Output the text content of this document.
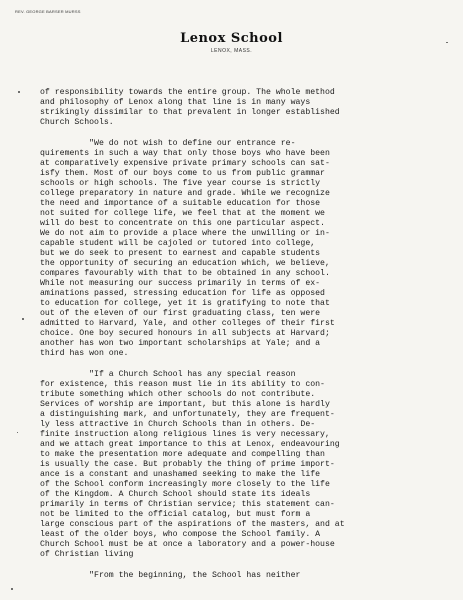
REV. GEORGE BARSER MURSS
Lenox School
LENOX, MASS.
of responsibility towards the entire group. The whole method
and philosophy of Lenox along that line is in many ways
strikingly dissimilar to that prevalent in longer established
Church Schools.
"We do not wish to define our entrance re-
quirements in such a way that only those boys who have been
at comparatively expensive private primary schools can sat-
isfy them. Most of our boys come to us from public grammar
schools or high schools. The five year course is strictly
college preparatory in nature and grade. While we recognize
the need and importance of a suitable education for those
not suited for college life, we feel that at the moment we
will do best to concentrate on this one particular aspect.
We do not aim to provide a place where the unwilling or in-
capable student will be cajoled or tutored into college,
but we do seek to present to earnest and capable students
the opportunity of securing an education which, we believe,
compares favourably with that to be obtained in any school.
While not measuring our success primarily in terms of ex-
aminations passed, stressing education for life as opposed
to education for college, yet it is gratifying to note that
out of the eleven of our first graduating class, ten were
admitted to Harvard, Yale, and other colleges of their first
choice. One boy secured honours in all subjects at Harvard;
another has won two important scholarships at Yale; and a
third has won one.
"If a Church School has any special reason
for existence, this reason must lie in its ability to con-
tribute something which other schools do not contribute.
Services of worship are important, but this alone is hardly
a distinguishing mark, and unfortunately, they are frequent-
ly less attractive in Church Schools than in others. De-
finite instruction along religious lines is very necessary,
and we attach great importance to this at Lenox, endeavouring
to make the presentation more adequate and compelling than
is usually the case. But probably the thing of prime import-
ance is a constant and unashamed seeking to make the life
of the School conform increasingly more closely to the life
of the Kingdom. A Church School should state its ideals
primarily in terms of Christian service; this statement can-
not be limited to the official catalog, but must form a
large conscious part of the aspirations of the masters, and at
least of the older boys, who compose the School family. A
Church School must be at once a laboratory and a power-house
of Christian living
"From the beginning, the School has neither
